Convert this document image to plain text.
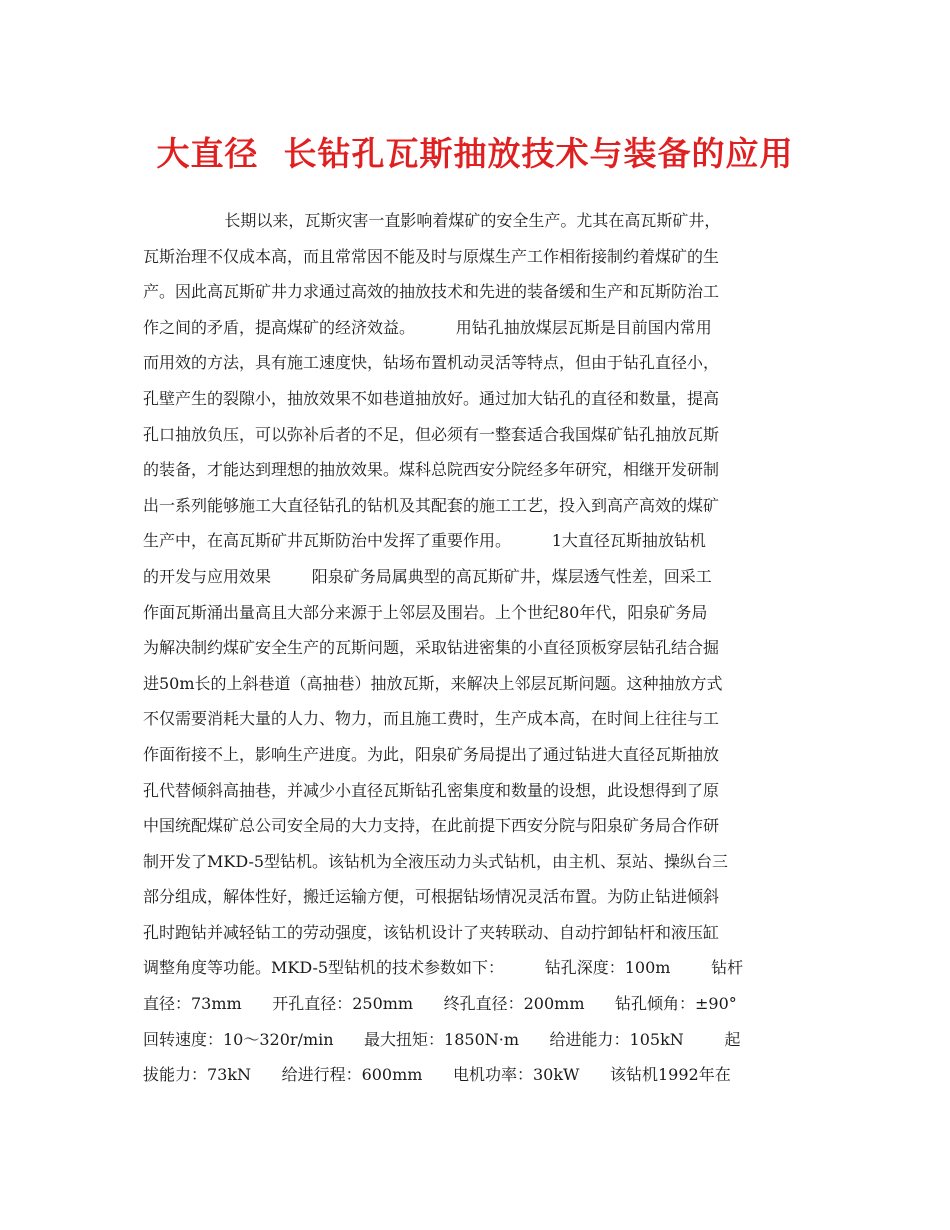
大直径  长钻孔瓦斯抽放技术与装备的应用
长期以来，瓦斯灾害一直影响着煤矿的安全生产。尤其在高瓦斯矿井，
瓦斯治理不仅成本高，而且常常因不能及时与原煤生产工作相衔接制约着煤矿的生
产。因此高瓦斯矿井力求通过高效的抽放技术和先进的装备缓和生产和瓦斯防治工
作之间的矛盾，提高煤矿的经济效益。        用钻孔抽放煤层瓦斯是目前国内常用
而用效的方法，具有施工速度快，钻场布置机动灵活等特点，但由于钻孔直径小，
孔壁产生的裂隙小，抽放效果不如巷道抽放好。通过加大钻孔的直径和数量，提高
孔口抽放负压，可以弥补后者的不足，但必须有一整套适合我国煤矿钻孔抽放瓦斯
的装备，才能达到理想的抽放效果。煤科总院西安分院经多年研究，相继开发研制
出一系列能够施工大直径钻孔的钻机及其配套的施工工艺，投入到高产高效的煤矿
生产中，在高瓦斯矿井瓦斯防治中发挥了重要作用。        1大直径瓦斯抽放钻机
的开发与应用效果        阳泉矿务局属典型的高瓦斯矿井，煤层透气性差，回采工
作面瓦斯涌出量高且大部分来源于上邻层及围岩。上个世纪80年代，阳泉矿务局
为解决制约煤矿安全生产的瓦斯问题，采取钻进密集的小直径顶板穿层钻孔结合掘
进50m长的上斜巷道（高抽巷）抽放瓦斯，来解决上邻层瓦斯问题。这种抽放方式
不仅需要消耗大量的人力、物力，而且施工费时，生产成本高，在时间上往往与工
作面衔接不上，影响生产进度。为此，阳泉矿务局提出了通过钻进大直径瓦斯抽放
孔代替倾斜高抽巷，并减少小直径瓦斯钻孔密集度和数量的设想，此设想得到了原
中国统配煤矿总公司安全局的大力支持，在此前提下西安分院与阳泉矿务局合作研
制开发了MKD-5型钻机。该钻机为全液压动力头式钻机，由主机、泵站、操纵台三
部分组成，解体性好，搬迁运输方便，可根据钻场情况灵活布置。为防止钻进倾斜
孔时跑钻并减轻钻工的劳动强度，该钻机设计了夹转联动、自动拧卸钻杆和液压缸
调整角度等功能。MKD-5型钻机的技术参数如下：        钻孔深度：100m        钻杆
直径：73mm      开孔直径：250mm      终孔直径：200mm      钻孔倾角：±90°
回转速度：10～320r/min      最大扭矩：1850N·m      给进能力：105kN        起
拔能力：73kN      给进行程：600mm      电机功率：30kW      该钻机1992年在
